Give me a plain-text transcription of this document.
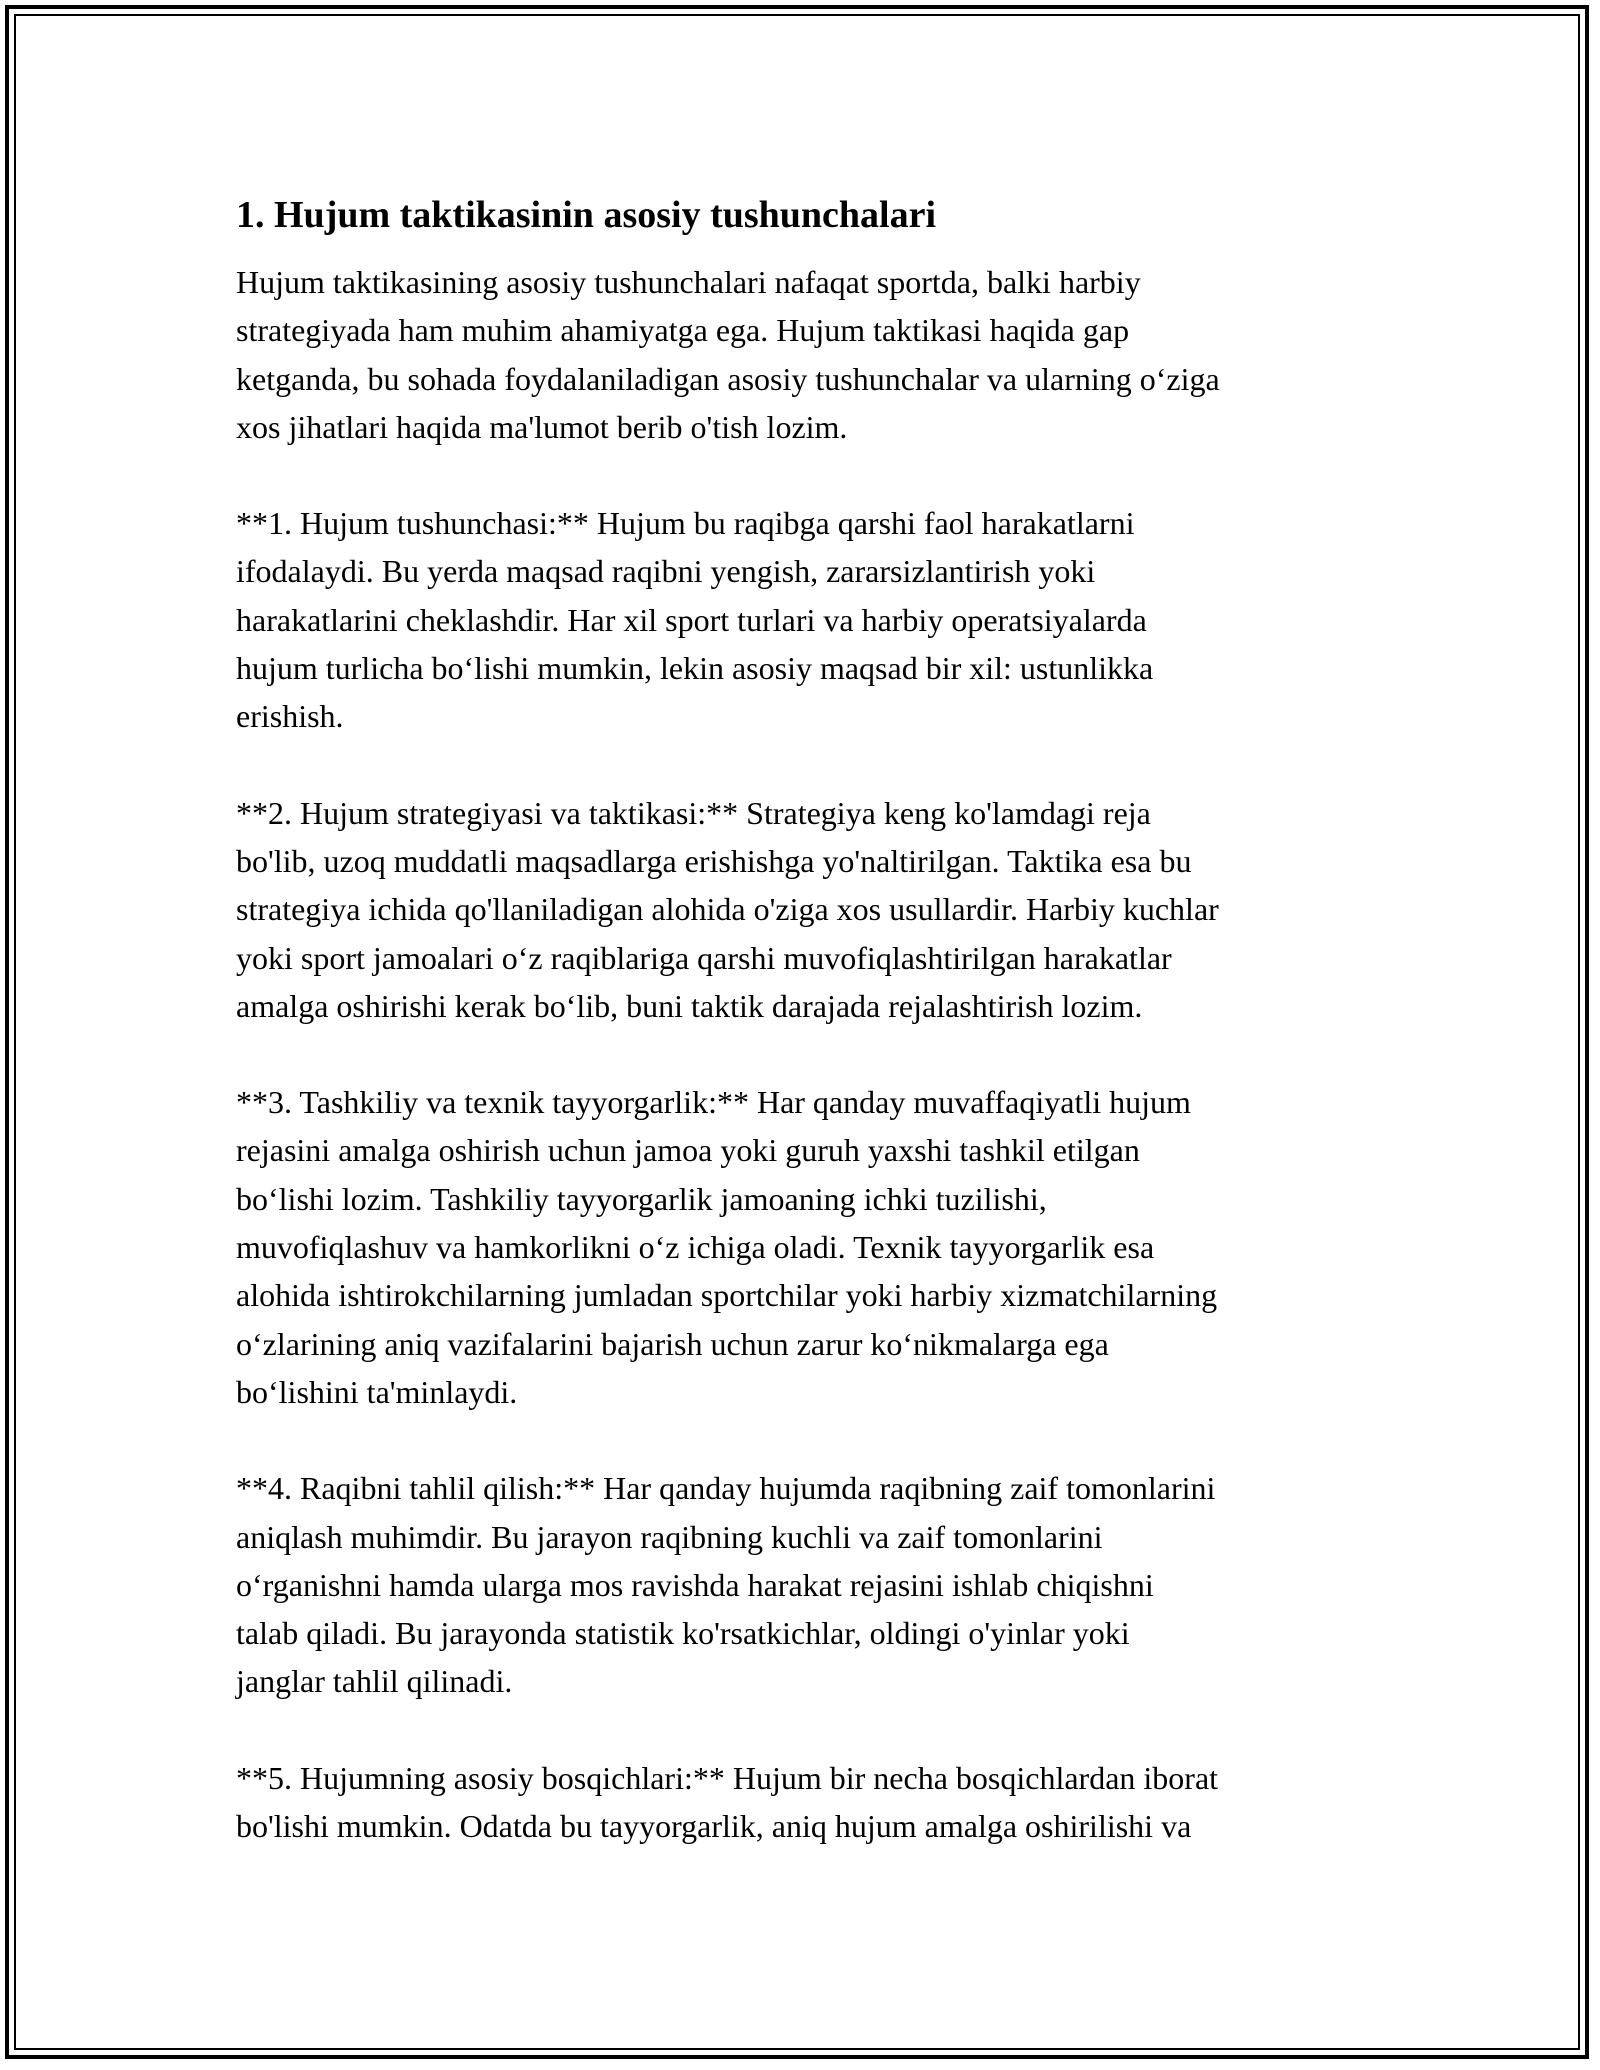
1. Hujum taktikasinin asosiy tushunchalari

Hujum taktikasining asosiy tushunchalari nafaqat sportda, balki harbiy
strategiyada ham muhim ahamiyatga ega. Hujum taktikasi haqida gap
ketganda, bu sohada foydalaniladigan asosiy tushunchalar va ularning o‘ziga
xos jihatlari haqida ma'lumot berib o'tish lozim.

**1. Hujum tushunchasi:** Hujum bu raqibga qarshi faol harakatlarni
ifodalaydi. Bu yerda maqsad raqibni yengish, zararsizlantirish yoki
harakatlarini cheklashdir. Har xil sport turlari va harbiy operatsiyalarda
hujum turlicha bo‘lishi mumkin, lekin asosiy maqsad bir xil: ustunlikka
erishish.

**2. Hujum strategiyasi va taktikasi:** Strategiya keng ko'lamdagi reja
bo'lib, uzoq muddatli maqsadlarga erishishga yo'naltirilgan. Taktika esa bu
strategiya ichida qo'llaniladigan alohida o'ziga xos usullardir. Harbiy kuchlar
yoki sport jamoalari o‘z raqiblariga qarshi muvofiqlashtirilgan harakatlar
amalga oshirishi kerak bo‘lib, buni taktik darajada rejalashtirish lozim.

**3. Tashkiliy va texnik tayyorgarlik:** Har qanday muvaffaqiyatli hujum
rejasini amalga oshirish uchun jamoa yoki guruh yaxshi tashkil etilgan
bo‘lishi lozim. Tashkiliy tayyorgarlik jamoaning ichki tuzilishi,
muvofiqlashuv va hamkorlikni o‘z ichiga oladi. Texnik tayyorgarlik esa
alohida ishtirokchilarning jumladan sportchilar yoki harbiy xizmatchilarning
o‘zlarining aniq vazifalarini bajarish uchun zarur ko‘nikmalarga ega
bo‘lishini ta'minlaydi.

**4. Raqibni tahlil qilish:** Har qanday hujumda raqibning zaif tomonlarini
aniqlash muhimdir. Bu jarayon raqibning kuchli va zaif tomonlarini
o‘rganishni hamda ularga mos ravishda harakat rejasini ishlab chiqishni
talab qiladi. Bu jarayonda statistik ko'rsatkichlar, oldingi o'yinlar yoki
janglar tahlil qilinadi.

**5. Hujumning asosiy bosqichlari:** Hujum bir necha bosqichlardan iborat
bo'lishi mumkin. Odatda bu tayyorgarlik, aniq hujum amalga oshirilishi va
